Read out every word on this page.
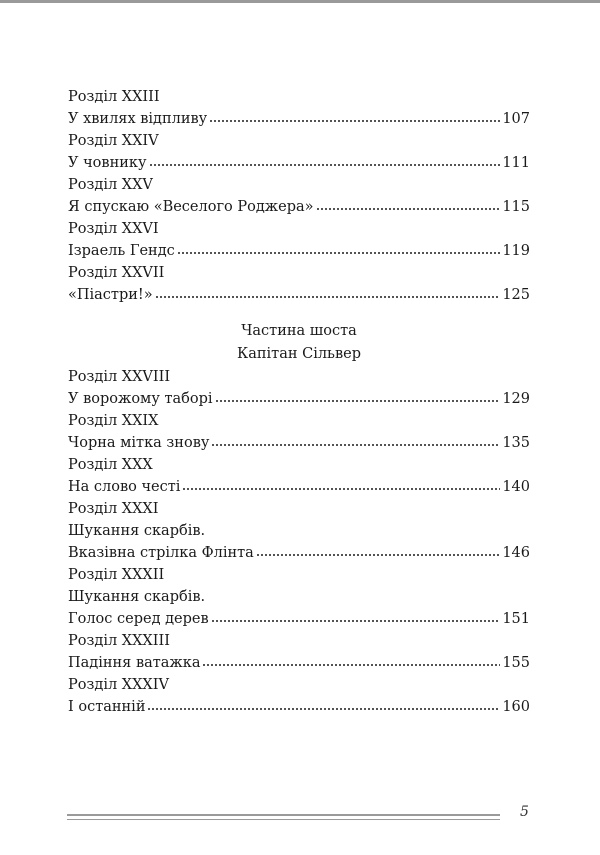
Розділ XXIII
У хвилях відпливу	107
Розділ XXIV
У човнику	111
Розділ XXV
Я спускаю «Веселого Роджера»	115
Розділ XXVI
Ізраель Гендс	119
Розділ XXVII
«Піастри!»	125
Частина шоста
Капітан Сільвер
Розділ XXVIII
У ворожому таборі	129
Розділ XXIX
Чорна мітка знову	135
Розділ XXX
На слово честі	140
Розділ XXXI
Шукання скарбів.
Вказівна стрілка Флінта	146
Розділ XXXII
Шукання скарбів.
Голос серед дерев	151
Розділ XXXIII
Падіння ватажка	155
Розділ XXXIV
І останній	160
5
